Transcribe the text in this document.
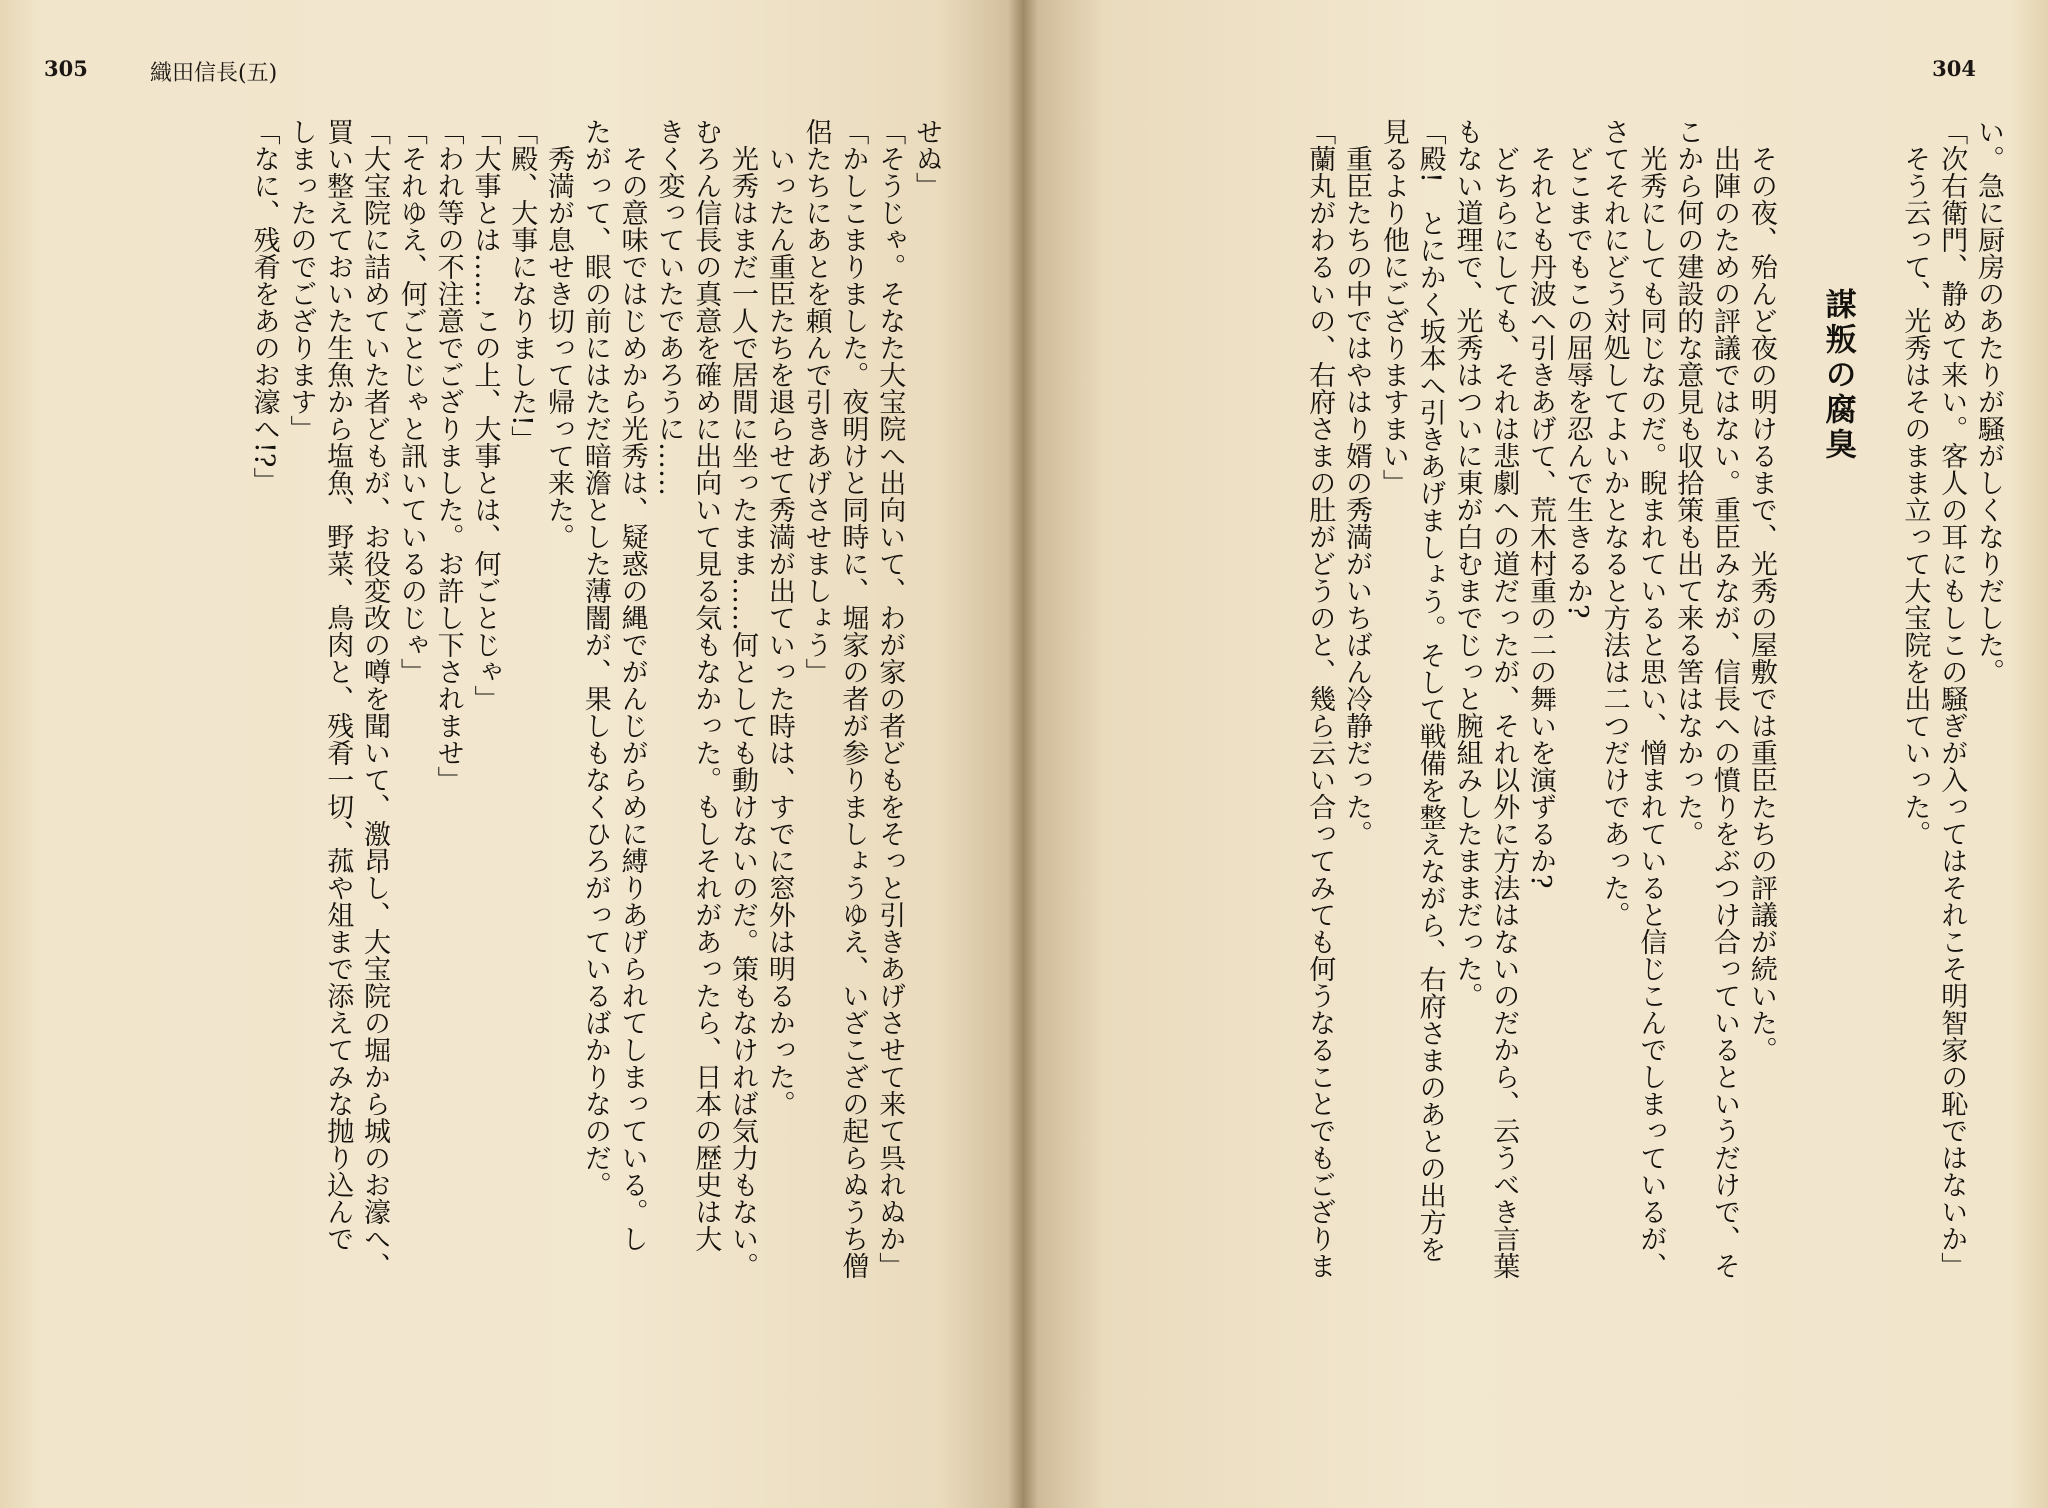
305	織田信長(五)
せぬ」
「そうじゃ。そなた大宝院へ出向いて、わが家の者どもをそっと引きあげさせて来て呉れぬか」
「かしこまりました。夜明けと同時に、堀家の者が参りましょうゆえ、いざこざの起らぬうち僧
侶たちにあとを頼んで引きあげさせましょう」
　いったん重臣たちを退らせて秀満が出ていった時は、すでに窓外は明るかった。
　光秀はまだ一人で居間に坐ったまま……何としても動けないのだ。策もなければ気力もない。
むろん信長の真意を確めに出向いて見る気もなかった。もしそれがあったら、日本の歴史は大
きく変っていたであろうに……
　その意味ではじめから光秀は、疑惑の縄でがんじがらめに縛りあげられてしまっている。し
たがって、眼の前にはただ暗澹とした薄闇が、果しもなくひろがっているばかりなのだ。
　秀満が息せき切って帰って来た。
「殿、大事になりました!」
「大事とは……この上、大事とは、何ごとじゃ」
「われ等の不注意でござりました。お許し下されませ」
「それゆえ、何ごとじゃと訊いているのじゃ」
「大宝院に詰めていた者どもが、お役変改の噂を聞いて、激昂し、大宝院の堀から城のお濠へ、
買い整えておいた生魚から塩魚、野菜、鳥肉と、残肴一切、菰や俎まで添えてみな抛り込んで
しまったのでござります」
「なに、残肴をあのお濠へ!?」
304
い。急に厨房のあたりが騒がしくなりだした。
「次右衛門、静めて来い。客人の耳にもしこの騒ぎが入ってはそれこそ明智家の恥ではないか」
　そう云って、光秀はそのまま立って大宝院を出ていった。
謀叛の腐臭
　その夜、殆んど夜の明けるまで、光秀の屋敷では重臣たちの評議が続いた。
　出陣のための評議ではない。重臣みなが、信長への憤りをぶつけ合っているというだけで、そ
こから何の建設的な意見も収拾策も出て来る筈はなかった。
　光秀にしても同じなのだ。睨まれていると思い、憎まれていると信じこんでしまっているが、
さてそれにどう対処してよいかとなると方法は二つだけであった。
　どこまでもこの屈辱を忍んで生きるか?
　それとも丹波へ引きあげて、荒木村重の二の舞いを演ずるか?
　どちらにしても、それは悲劇への道だったが、それ以外に方法はないのだから、云うべき言葉
もない道理で、光秀はついに東が白むまでじっと腕組みしたままだった。
「殿!　とにかく坂本へ引きあげましょう。そして戦備を整えながら、右府さまのあとの出方を
見るより他にござりますまい」
　重臣たちの中ではやはり婿の秀満がいちばん冷静だった。
「蘭丸がわるいの、右府さまの肚がどうのと、幾ら云い合ってみても何うなることでもござりま
